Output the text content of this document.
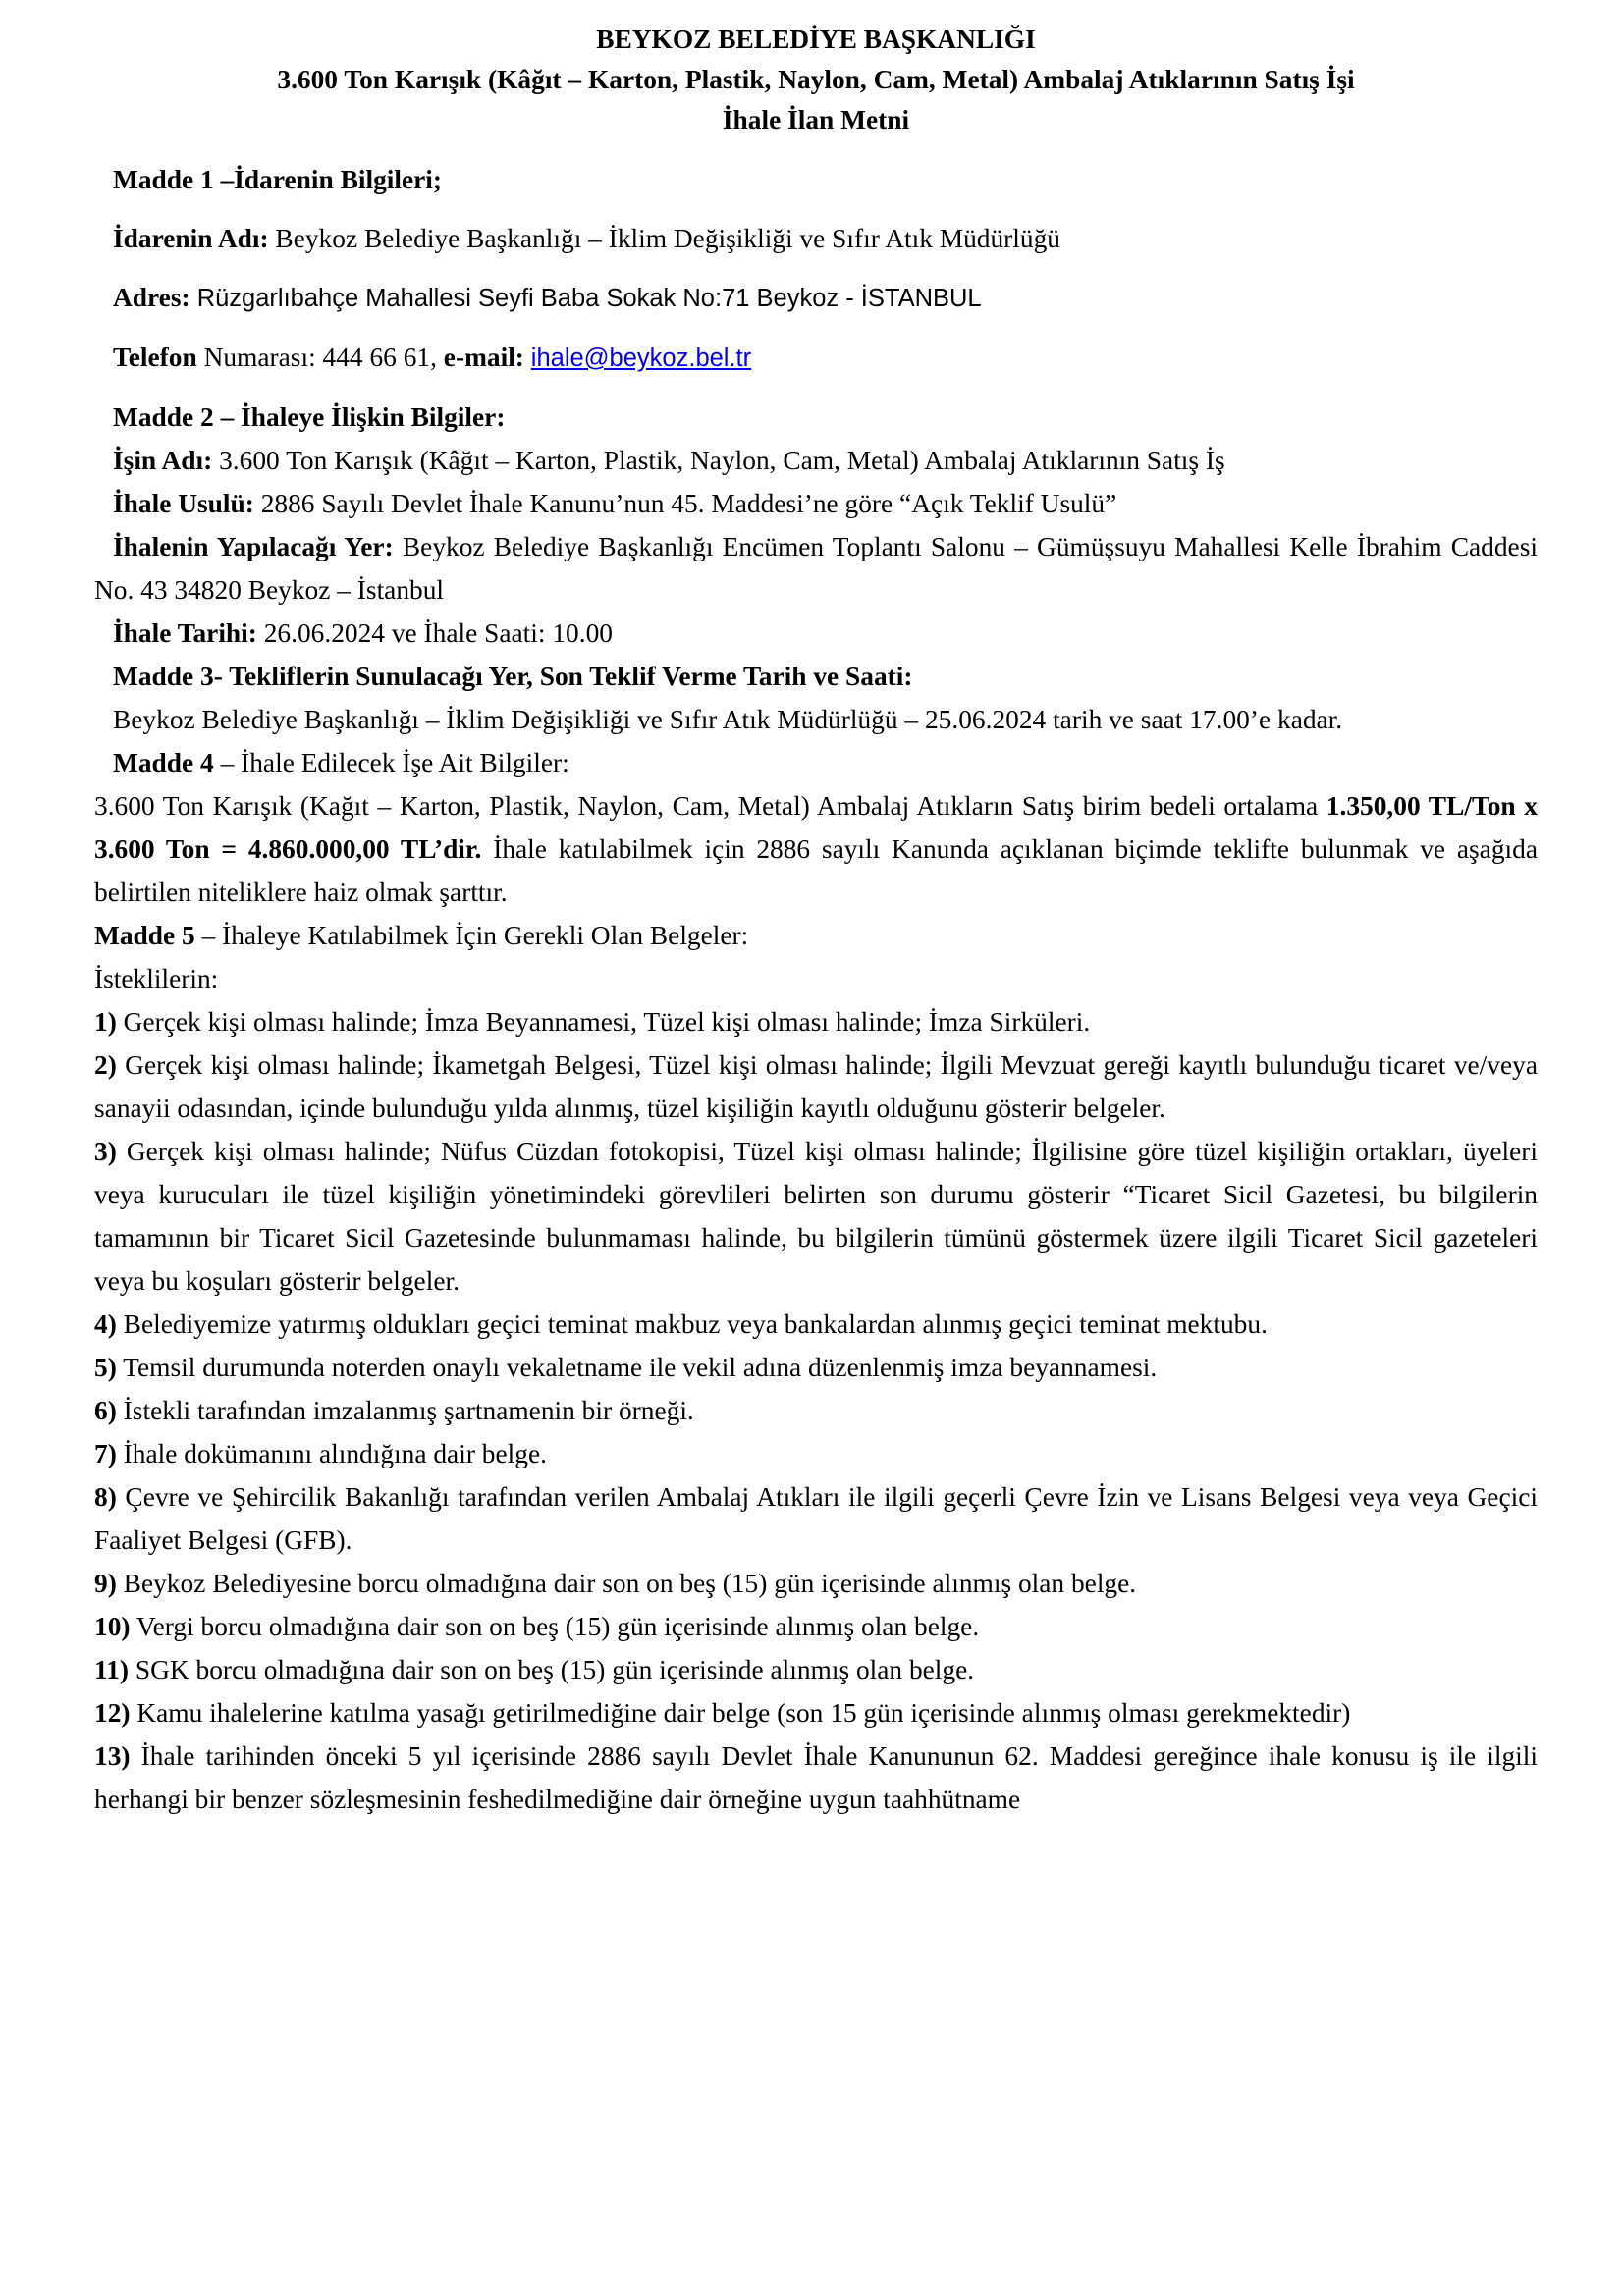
BEYKOZ BELEDİYE BAŞKANLIĞI
3.600 Ton Karışık (Kâğıt – Karton, Plastik, Naylon, Cam, Metal) Ambalaj Atıklarının Satış İşi
İhale İlan Metni

Madde 1 –İdarenin Bilgileri;

İdarenin Adı: Beykoz Belediye Başkanlığı – İklim Değişikliği ve Sıfır Atık Müdürlüğü

Adres: Rüzgarlıbahçe Mahallesi Seyfi Baba Sokak No:71 Beykoz - İSTANBUL

Telefon Numarası: 444 66 61, e-mail: ihale@beykoz.bel.tr

Madde 2 – İhaleye İlişkin Bilgiler:

İşin Adı: 3.600 Ton Karışık (Kâğıt – Karton, Plastik, Naylon, Cam, Metal) Ambalaj Atıklarının Satış İş

İhale Usulü: 2886 Sayılı Devlet İhale Kanunu’nun 45. Maddesi’ne göre “Açık Teklif Usulü”

İhalenin Yapılacağı Yer: Beykoz Belediye Başkanlığı Encümen Toplantı Salonu – Gümüşsuyu Mahallesi Kelle İbrahim Caddesi No. 43 34820 Beykoz – İstanbul

İhale Tarihi: 26.06.2024 ve İhale Saati: 10.00

Madde 3- Tekliflerin Sunulacağı Yer, Son Teklif Verme Tarih ve Saati:

Beykoz Belediye Başkanlığı – İklim Değişikliği ve Sıfır Atık Müdürlüğü – 25.06.2024 tarih ve saat 17.00’e kadar.

Madde 4 – İhale Edilecek İşe Ait Bilgiler:

3.600 Ton Karışık (Kağıt – Karton, Plastik, Naylon, Cam, Metal) Ambalaj Atıkların Satış birim bedeli ortalama 1.350,00 TL/Ton x 3.600 Ton = 4.860.000,00 TL’dir. İhale katılabilmek için 2886 sayılı Kanunda açıklanan biçimde teklifte bulunmak ve aşağıda belirtilen niteliklere haiz olmak şarttır.

Madde 5 – İhaleye Katılabilmek İçin Gerekli Olan Belgeler:

İsteklilerin:

1) Gerçek kişi olması halinde; İmza Beyannamesi, Tüzel kişi olması halinde; İmza Sirküleri.

2) Gerçek kişi olması halinde; İkametgah Belgesi, Tüzel kişi olması halinde; İlgili Mevzuat gereği kayıtlı bulunduğu ticaret ve/veya sanayii odasından, içinde bulunduğu yılda alınmış, tüzel kişiliğin kayıtlı olduğunu gösterir belgeler.

3) Gerçek kişi olması halinde; Nüfus Cüzdan fotokopisi, Tüzel kişi olması halinde; İlgilisine göre tüzel kişiliğin ortakları, üyeleri veya kurucuları ile tüzel kişiliğin yönetimindeki görevlileri belirten son durumu gösterir “Ticaret Sicil Gazetesi, bu bilgilerin tamamının bir Ticaret Sicil Gazetesinde bulunmaması halinde, bu bilgilerin tümünü göstermek üzere ilgili Ticaret Sicil gazeteleri veya bu koşuları gösterir belgeler.

4) Belediyemize yatırmış oldukları geçici teminat makbuz veya bankalardan alınmış geçici teminat mektubu.

5) Temsil durumunda noterden onaylı vekaletname ile vekil adına düzenlenmiş imza beyannamesi.

6) İstekli tarafından imzalanmış şartnamenin bir örneği.

7) İhale dokümanını alındığına dair belge.

8) Çevre ve Şehircilik Bakanlığı tarafından verilen Ambalaj Atıkları ile ilgili geçerli Çevre İzin ve Lisans Belgesi veya veya Geçici Faaliyet Belgesi (GFB).

9) Beykoz Belediyesine borcu olmadığına dair son on beş (15) gün içerisinde alınmış olan belge.

10) Vergi borcu olmadığına dair son on beş (15) gün içerisinde alınmış olan belge.

11) SGK borcu olmadığına dair son on beş (15) gün içerisinde alınmış olan belge.

12) Kamu ihalelerine katılma yasağı getirilmediğine dair belge (son 15 gün içerisinde alınmış olması gerekmektedir)

13) İhale tarihinden önceki 5 yıl içerisinde 2886 sayılı Devlet İhale Kanununun 62. Maddesi gereğince ihale konusu iş ile ilgili herhangi bir benzer sözleşmesinin feshedilmediğine dair örneğine uygun taahhütname
